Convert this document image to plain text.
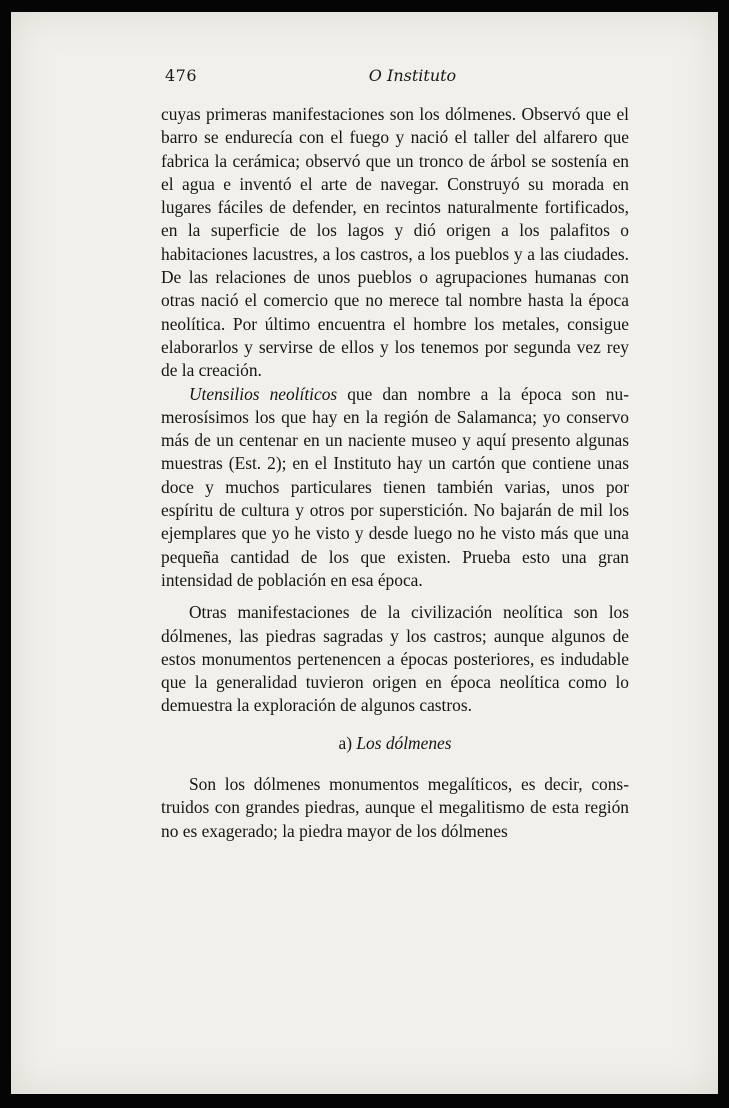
476	O Instituto

cuyas primeras manifestaciones son los dólmenes. Observó que el barro se endurecía con el fuego y nació el taller del alfarero que fabrica la cerámica; observó que un tronco de árbol se sostenía en el agua e inventó el arte de navegar. Construyó su morada en lugares fáciles de defender, en recintos naturalmente fortificados, en la superficie de los lagos y dió origen a los palafitos o habitaciones lacustres, a los castros, a los pueblos y a las ciudades. De las relaciones de unos pueblos o agrupaciones humanas con otras nació el comercio que no merece tal nombre hasta la época neolítica. Por último encuentra el hombre los metales, consigue elaborarlos y servirse de ellos y los tenemos por segunda vez rey de la creación.

Utensilios neolíticos que dan nombre a la época son numerosísimos los que hay en la región de Salamanca; yo conservo más de un centenar en un naciente museo y aquí presento algunas muestras (Est. 2); en el Instituto hay un cartón que contiene unas doce y muchos particulares tienen también varias, unos por espíritu de cultura y otros por superstición. No bajarán de mil los ejemplares que yo he visto y desde luego no he visto más que una pequeña cantidad de los que existen. Prueba esto una gran intensidad de población en esa época.

Otras manifestaciones de la civilización neolítica son los dólmenes, las piedras sagradas y los castros; aunque algunos de estos monumentos pertenencen a épocas posteriores, es indudable que la generalidad tuvieron origen en época neolítica como lo demuestra la exploración de algunos castros.

a) Los dólmenes

Son los dólmenes monumentos megalíticos, es decir, construidos con grandes piedras, aunque el megalitismo de esta región no es exagerado; la piedra mayor de los dólmenes
